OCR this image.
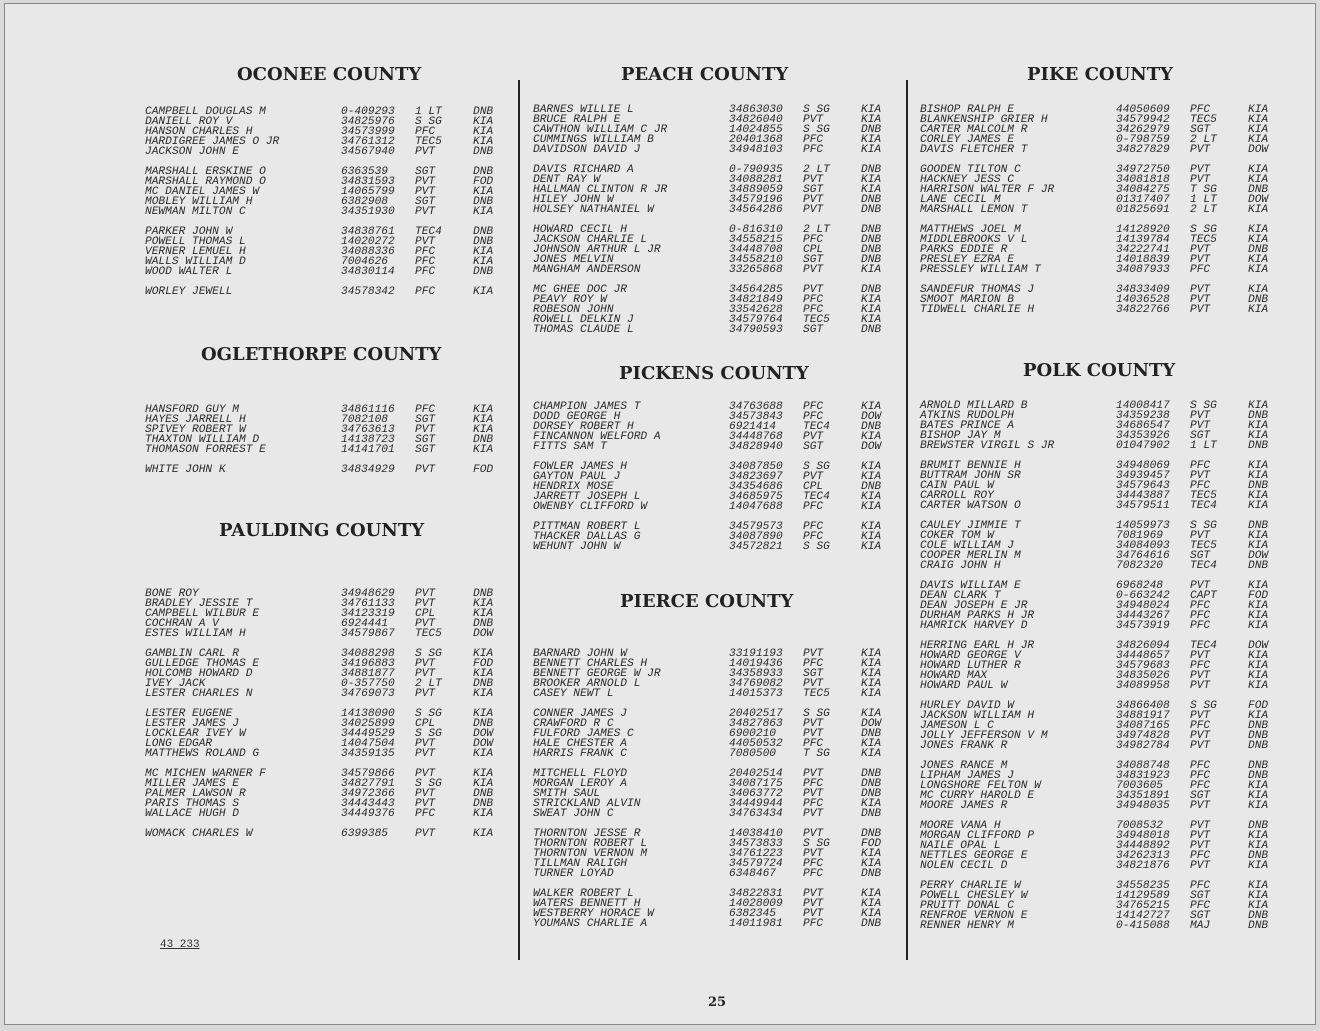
OCONEE COUNTY
CAMPBELL DOUGLAS M	0-409293 1 LT	DNB
DANIELL ROY V	34825976 S SG	KIA
HANSON CHARLES H	34573999 PFC	KIA
HARDIGREE JAMES O JR	34761312 TEC5	KIA
JACKSON JOHN E	34567940 PVT	DNB
MARSHALL ERSKINE O	6363539 SGT	DNB
MARSHALL RAYMOND O	34831593 PVT	FOD
MC DANIEL JAMES W	14065799 PVT	KIA
MOBLEY WILLIAM H	6382908 SGT	DNB
NEWMAN MILTON C	34351930 PVT	KIA
PARKER JOHN W	34838761 TEC4	DNB
POWELL THOMAS L	14020272 PVT	DNB
VERNER LEMUEL H	34088336 PFC	KIA
WALLS WILLIAM D	7004626 PFC	KIA
WOOD WALTER L	34830114 PFC	DNB
WORLEY JEWELL	34578342 PFC	KIA
OGLETHORPE COUNTY
HANSFORD GUY M	34861116 PFC	KIA
HAYES JARRELL H	7082108 SGT	KIA
SPIVEY ROBERT W	34763613 PVT	KIA
THAXTON WILLIAM D	14138723 SGT	DNB
THOMASON FORREST E	14141701 SGT	KIA
WHITE JOHN K	34834929 PVT	FOD
PAULDING COUNTY
BONE ROY	34948629 PVT	DNB
BRADLEY JESSIE T	34761133 PVT	KIA
CAMPBELL WILBUR E	34123319 CPL	KIA
COCHRAN A V	6924441 PVT	DNB
ESTES WILLIAM H	34579867 TEC5	DOW
GAMBLIN CARL R	34088298 S SG	KIA
GULLEDGE THOMAS E	34196883 PVT	FOD
HOLCOMB HOWARD D	34881877 PVT	KIA
IVEY JACK	0-357750 2 LT	DNB
LESTER CHARLES N	34769073 PVT	KIA
LESTER EUGENE	14138090 S SG	KIA
LESTER JAMES J	34025899 CPL	DNB
LOCKLEAR IVEY W	34449529 S SG	DOW
LONG EDGAR	14047504 PVT	DOW
MATTHEWS ROLAND G	34359135 PVT	KIA
MC MICHEN WARNER F	34579866 PVT	KIA
MILLER JAMES E	34827791 S SG	KIA
PALMER LAWSON R	34972366 PVT	DNB
PARIS THOMAS S	34443443 PVT	DNB
WALLACE HUGH D	34449376 PFC	KIA
WOMACK CHARLES W	6399385 PVT	KIA
PEACH COUNTY
BARNES WILLIE L	34863030 S SG	KIA
BRUCE RALPH E	34826040 PVT	KIA
CAWTHON WILLIAM C JR	14024855 S SG	DNB
CUMMINGS WILLIAM B	20401368 PFC	KIA
DAVIDSON DAVID J	34948103 PFC	KIA
DAVIS RICHARD A	0-790935 2 LT	DNB
DENT RAY W	34088281 PVT	KIA
HALLMAN CLINTON R JR	34889059 SGT	KIA
HILEY JOHN W	34579196 PVT	DNB
HOLSEY NATHANIEL W	34564286 PVT	DNB
HOWARD CECIL H	0-816310 2 LT	DNB
JACKSON CHARLIE L	34558215 PFC	DNB
JOHNSON ARTHUR L JR	34448708 CPL	DNB
JONES MELVIN	34558210 SGT	DNB
MANGHAM ANDERSON	33265868 PVT	KIA
MC GHEE DOC JR	34564285 PVT	DNB
PEAVY ROY W	34821849 PFC	KIA
ROBESON JOHN	33542628 PFC	KIA
ROWELL DELKIN J	34579764 TEC5	KIA
THOMAS CLAUDE L	34790593 SGT	DNB
PICKENS COUNTY
CHAMPION JAMES T	34763688 PFC	KIA
DODD GEORGE H	34573843 PFC	DOW
DORSEY ROBERT H	6921414 TEC4	DNB
FINCANNON WELFORD A	34448768 PVT	KIA
FITTS SAM T	34828940 SGT	DOW
FOWLER JAMES H	34087850 S SG	KIA
GAYTON PAUL J	34823697 PVT	KIA
HENDRIX MOSE	34354686 CPL	DNB
JARRETT JOSEPH L	34685975 TEC4	KIA
OWENBY CLIFFORD W	14047688 PFC	KIA
PITTMAN ROBERT L	34579573 PFC	KIA
THACKER DALLAS G	34087890 PFC	KIA
WEHUNT JOHN W	34572821 S SG	KIA
PIERCE COUNTY
BARNARD JOHN W	33191193 PVT	KIA
BENNETT CHARLES H	14019436 PFC	KIA
BENNETT GEORGE W JR	34358933 SGT	KIA
BROOKER ARNOLD L	34769082 PVT	KIA
CASEY NEWT L	14015373 TEC5	KIA
CONNER JAMES J	20402517 S SG	KIA
CRAWFORD R C	34827863 PVT	DOW
FULFORD JAMES C	6900210 PVT	DNB
HALE CHESTER A	44050532 PFC	KIA
HARRIS FRANK C	7080500 T SG	KIA
MITCHELL FLOYD	20402514 PVT	DNB
MORGAN LEROY A	34087175 PFC	DNB
SMITH SAUL	34063772 PVT	DNB
STRICKLAND ALVIN	34449944 PFC	KIA
SWEAT JOHN C	34763434 PVT	DNB
THORNTON JESSE R	14038410 PVT	DNB
THORNTON ROBERT L	34573833 S SG	FOD
THORNTON VERNON M	34761223 PVT	KIA
TILLMAN RALIGH	34579724 PFC	KIA
TURNER LOYAD	6348467 PFC	DNB
WALKER ROBERT L	34822831 PVT	KIA
WATERS BENNETT H	14028009 PVT	KIA
WESTBERRY HORACE W	6382345 PVT	KIA
YOUMANS CHARLIE A	14011981 PFC	DNB
PIKE COUNTY
BISHOP RALPH E	44050609 PFC	KIA
BLANKENSHIP GRIER H	34579942 TEC5	KIA
CARTER MALCOLM R	34262979 SGT	KIA
CORLEY JAMES E	0-798759 2 LT	KIA
DAVIS FLETCHER T	34827829 PVT	DOW
GOODEN TILTON C	34972750 PVT	KIA
HACKNEY JESS C	34081818 PVT	KIA
HARRISON WALTER F JR	34084275 T SG	DNB
LANE CECIL M	01317407 1 LT	DOW
MARSHALL LEMON T	01825691 2 LT	KIA
MATTHEWS JOEL M	14128920 S SG	KIA
MIDDLEBROOKS V L	14139784 TEC5	KIA
PARKS EDDIE R	34222741 PVT	DNB
PRESLEY EZRA E	14018839 PVT	KIA
PRESSLEY WILLIAM T	34087933 PFC	KIA
SANDEFUR THOMAS J	34833409 PVT	KIA
SMOOT MARION B	14036528 PVT	DNB
TIDWELL CHARLIE H	34822766 PVT	KIA
POLK COUNTY
ARNOLD MILLARD B	14008417 S SG	KIA
ATKINS RUDOLPH	34359238 PVT	DNB
BATES PRINCE A	34686547 PVT	KIA
BISHOP JAY M	34353926 SGT	KIA
BREWSTER VIRGIL S JR	01047902 1 LT	DNB
BRUMIT BENNIE H	34948069 PFC	KIA
BUTTRAM JOHN SR	34939457 PVT	KIA
CAIN PAUL W	34579643 PFC	DNB
CARROLL ROY	34443887 TEC5	KIA
CARTER WATSON O	34579511 TEC4	KIA
CAULEY JIMMIE T	14059973 S SG	DNB
COKER TOM W	7081969 PVT	KIA
COLE WILLIAM J	34084093 TEC5	KIA
COOPER MERLIN M	34764616 SGT	DOW
CRAIG JOHN H	7082320 TEC4	DNB
DAVIS WILLIAM E	6968248 PVT	KIA
DEAN CLARK T	0-663242 CAPT	FOD
DEAN JOSEPH E JR	34948024 PFC	KIA
DURHAM PARKS H JR	34443267 PFC	KIA
HAMRICK HARVEY D	34573919 PFC	KIA
HERRING EARL H JR	34826094 TEC4	DOW
HOWARD GEORGE V	34448657 PVT	KIA
HOWARD LUTHER R	34579683 PFC	KIA
HOWARD MAX	34835026 PVT	KIA
HOWARD PAUL W	34089958 PVT	KIA
HURLEY DAVID W	34866408 S SG	FOD
JACKSON WILLIAM H	34881917 PVT	KIA
JAMESON L C	34087165 PFC	DNB
JOLLY JEFFERSON V M	34974828 PVT	DNB
JONES FRANK R	34982784 PVT	DNB
JONES RANCE M	34088748 PFC	DNB
LIPHAM JAMES J	34831923 PFC	DNB
LONGSHORE FELTON W	7003605 PFC	KIA
MC CURRY HAROLD E	34351891 SGT	KIA
MOORE JAMES R	34948035 PVT	KIA
MOORE VANA H	7008532 PVT	DNB
MORGAN CLIFFORD P	34948018 PVT	KIA
NAILE OPAL L	34448892 PVT	KIA
NETTLES GEORGE E	34262313 PFC	DNB
NOLEN CECIL D	34821876 PVT	KIA
PERRY CHARLIE W	34558235 PFC	KIA
POWELL CHESLEY W	14129589 SGT	KIA
PRUITT DONAL C	34765215 PFC	KIA
RENFROE VERNON E	14142727 SGT	DNB
RENNER HENRY M	0-415088 MAJ	DNB
43 233
25
